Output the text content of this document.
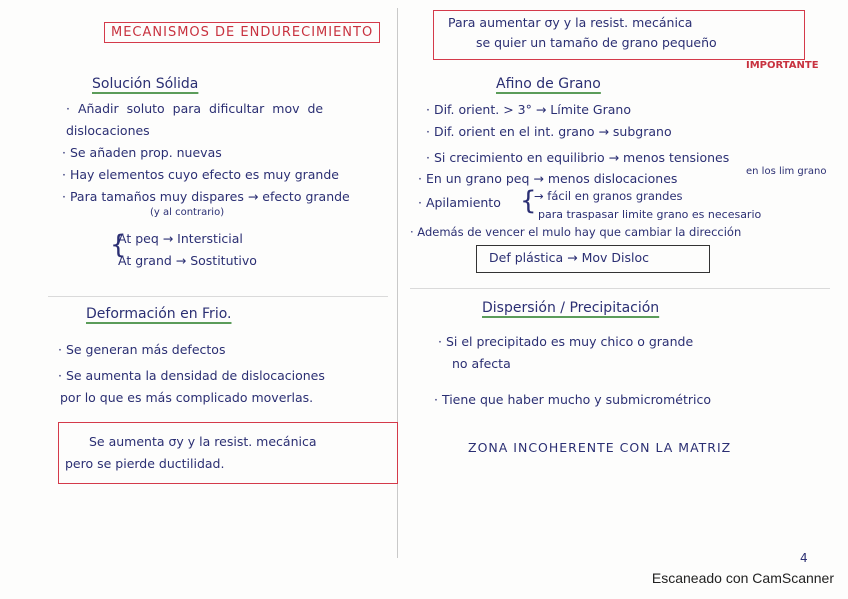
MECANISMOS DE ENDURECIMIENTO
Solución Sólida
· Añadir soluto para dificultar mov de
dislocaciones
· Se añaden prop. nuevas
· Hay elementos cuyo efecto es muy grande
· Para tamaños muy dispares → efecto grande
(y al contrario)
At peq → Intersticial
At grand → Sostitutivo
{
Deformación en Frio.
· Se generan más defectos
· Se aumenta la densidad de dislocaciones
por lo que es más complicado moverlas.
Se aumenta σy y la resist. mecánica
pero se pierde ductilidad.
Para aumentar σy y la resist. mecánica
se quier un tamaño de grano pequeño
IMPORTANTE
Afino de Grano
· Dif. orient. > 3° → Límite Grano
· Dif. orient en el int. grano → subgrano
· Si crecimiento en equilibrio → menos tensiones
en los lim grano
· En un grano peq → menos dislocaciones
· Apilamiento {
→ fácil en granos grandes
para traspasar limite grano es necesario
· Además de vencer el mulo hay que cambiar la dirección
Def plástica → Mov Disloc
Dispersión / Precipitación
· Si el precipitado es muy chico o grande
no afecta
· Tiene que haber mucho y submicrométrico
ZONA INCOHERENTE CON LA MATRIZ
4
Escaneado con CamScanner
